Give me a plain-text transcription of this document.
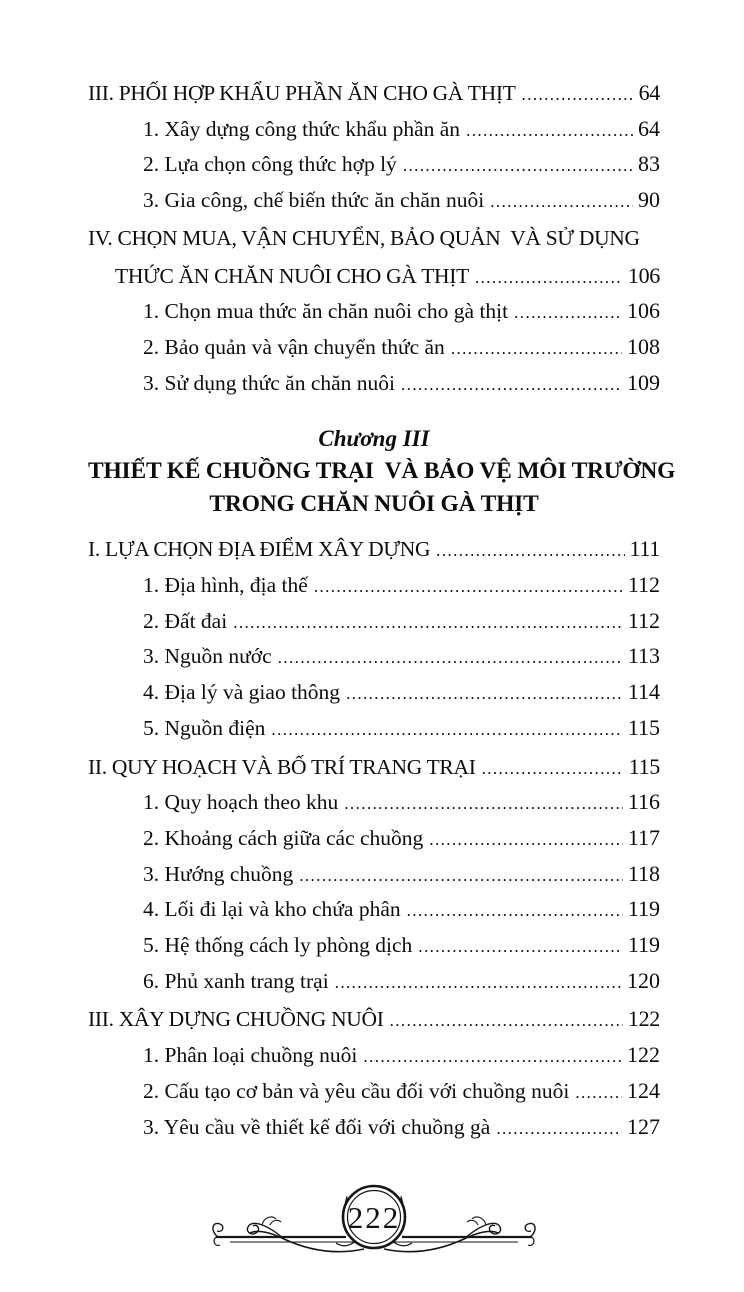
III. PHỐI HỢP KHẨU PHẦN ĂN CHO GÀ THỊT .....	64
1. Xây dựng công thức khẩu phần ăn .....	64
2. Lựa chọn công thức hợp lý .....	83
3. Gia công, chế biến thức ăn chăn nuôi .....	90
IV. CHỌN MUA, VẬN CHUYỂN, BẢO QUẢN  VÀ SỬ DỤNG
THỨC ĂN CHĂN NUÔI CHO GÀ THỊT .....	106
1. Chọn mua thức ăn chăn nuôi cho gà thịt .....	106
2. Bảo quản và vận chuyển thức ăn .....	108
3. Sử dụng thức ăn chăn nuôi .....	109
Chương III
THIẾT KẾ CHUỒNG TRẠI  VÀ BẢO VỆ MÔI TRƯỜNG
TRONG CHĂN NUÔI GÀ THỊT
I. LỰA CHỌN ĐỊA ĐIỂM XÂY DỰNG .....	111
1. Địa hình, địa thế .....	112
2. Đất đai .....	112
3. Nguồn nước .....	113
4. Địa lý và giao thông .....	114
5. Nguồn điện .....	115
II. QUY HOẠCH VÀ BỐ TRÍ TRANG TRẠI .....	115
1. Quy hoạch theo khu .....	116
2. Khoảng cách giữa các chuồng .....	117
3. Hướng chuồng .....	118
4. Lối đi lại và kho chứa phân .....	119
5. Hệ thống cách ly phòng dịch .....	119
6. Phủ xanh trang trại .....	120
III. XÂY DỰNG CHUỒNG NUÔI .....	122
1. Phân loại chuồng nuôi .....	122
2. Cấu tạo cơ bản và yêu cầu đối với chuồng nuôi .....	124
3. Yêu cầu về thiết kế đối với chuồng gà .....	127
222
